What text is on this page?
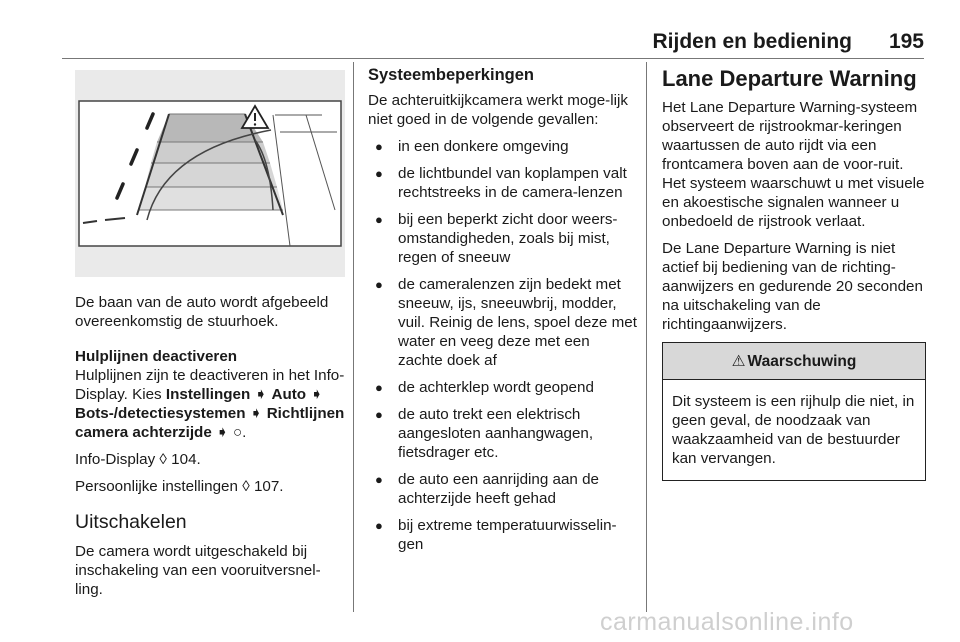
Rijden en bediening 195

De baan van de auto wordt afgebeeld overeenkomstig de stuurhoek.

Hulplijnen deactiveren
Hulplijnen zijn te deactiveren in het Info-Display. Kies Instellingen ➧ Auto ➧ Bots-/detectiesystemen ➧ Richtlijnen camera achterzijde ➧ ○.

Info-Display ◊ 104.

Persoonlijke instellingen ◊ 107.

Uitschakelen

De camera wordt uitgeschakeld bij inschakeling van een vooruitversnel-ling.

Systeembeperkingen

De achteruitkijkcamera werkt moge-lijk niet goed in de volgende gevallen:

● in een donkere omgeving
● de lichtbundel van koplampen valt rechtstreeks in de camera-lenzen
● bij een beperkt zicht door weers-omstandigheden, zoals bij mist, regen of sneeuw
● de cameralenzen zijn bedekt met sneeuw, ijs, sneeuwbrij, modder, vuil. Reinig de lens, spoel deze met water en veeg deze met een zachte doek af
● de achterklep wordt geopend
● de auto trekt een elektrisch aangesloten aanhangwagen, fietsdrager etc.
● de auto een aanrijding aan de achterzijde heeft gehad
● bij extreme temperatuurwisselin-gen

Lane Departure Warning

Het Lane Departure Warning-systeem observeert de rijstrookmar-keringen waartussen de auto rijdt via een frontcamera boven aan de voor-ruit. Het systeem waarschuwt u met visuele en akoestische signalen wanneer u onbedoeld de rijstrook verlaat.

De Lane Departure Warning is niet actief bij bediening van de richting-aanwijzers en gedurende 20 seconden na uitschakeling van de richtingaanwijzers.

⚠ Waarschuwing
Dit systeem is een rijhulp die niet, in geen geval, de noodzaak van waakzaamheid van de bestuurder kan vervangen.
carmanualsonline.info
